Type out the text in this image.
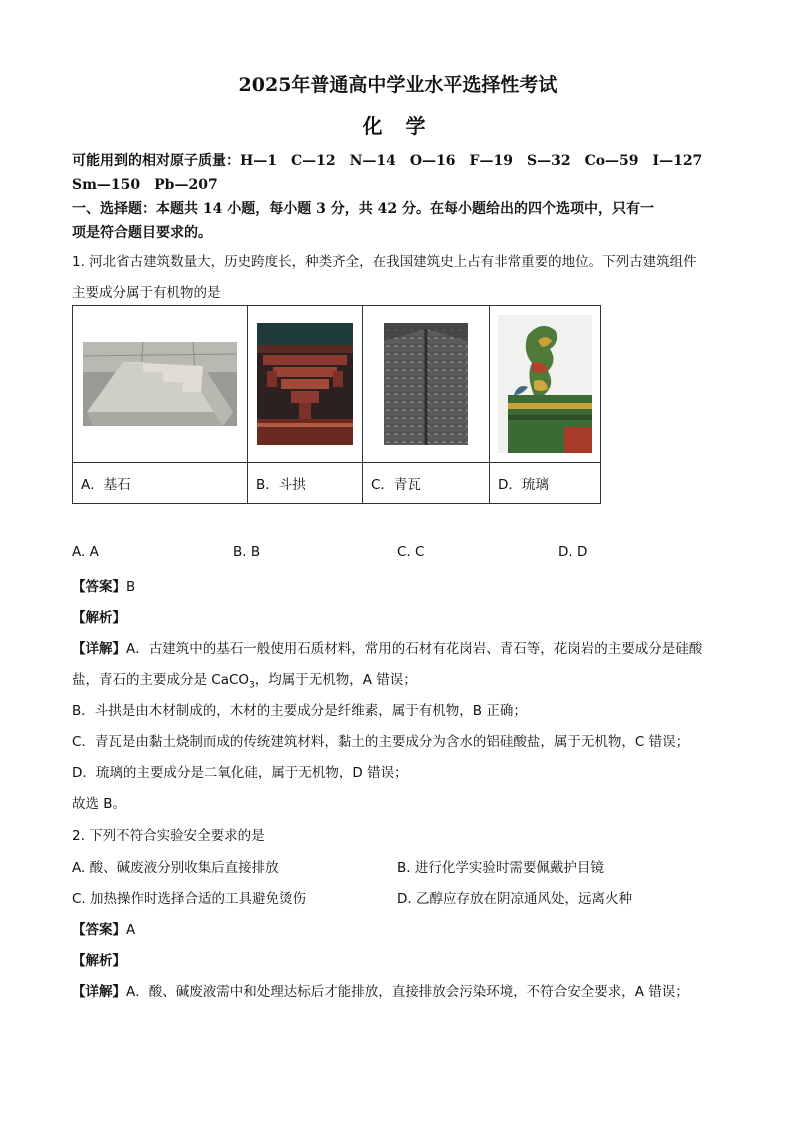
2025年普通高中学业水平选择性考试
化 学
可能用到的相对原子质量：H—1　C—12　N—14　O—16　F—19　S—32　Co—59　I—127
Sm—150　Pb—207
一、选择题：本题共 14 小题，每小题 3 分，共 42 分。在每小题给出的四个选项中，只有一
项是符合题目要求的。
1. 河北省古建筑数量大，历史跨度长，种类齐全，在我国建筑史上占有非常重要的地位。下列古建筑组件
主要成分属于有机物的是

A．基石	B．斗拱	C．青瓦	D．琉璃
A. A	B. B	C. C	D. D
【答案】B
【解析】
【详解】A．古建筑中的基石一般使用石质材料，常用的石材有花岗岩、青石等，花岗岩的主要成分是硅酸
盐，青石的主要成分是 CaCO$_3$，均属于无机物，A 错误；
B．斗拱是由木材制成的，木材的主要成分是纤维素，属于有机物，B 正确；
C．青瓦是由黏土烧制而成的传统建筑材料，黏土的主要成分为含水的铝硅酸盐，属于无机物，C 错误；
D．琉璃的主要成分是二氧化硅，属于无机物，D 错误；
故选 B。
2. 下列不符合实验安全要求的是
A. 酸、碱废液分别收集后直接排放	B. 进行化学实验时需要佩戴护目镜
C. 加热操作时选择合适的工具避免烫伤	D. 乙醇应存放在阴凉通风处，远离火种
【答案】A
【解析】
【详解】A．酸、碱废液需中和处理达标后才能排放，直接排放会污染环境，不符合安全要求，A 错误；
